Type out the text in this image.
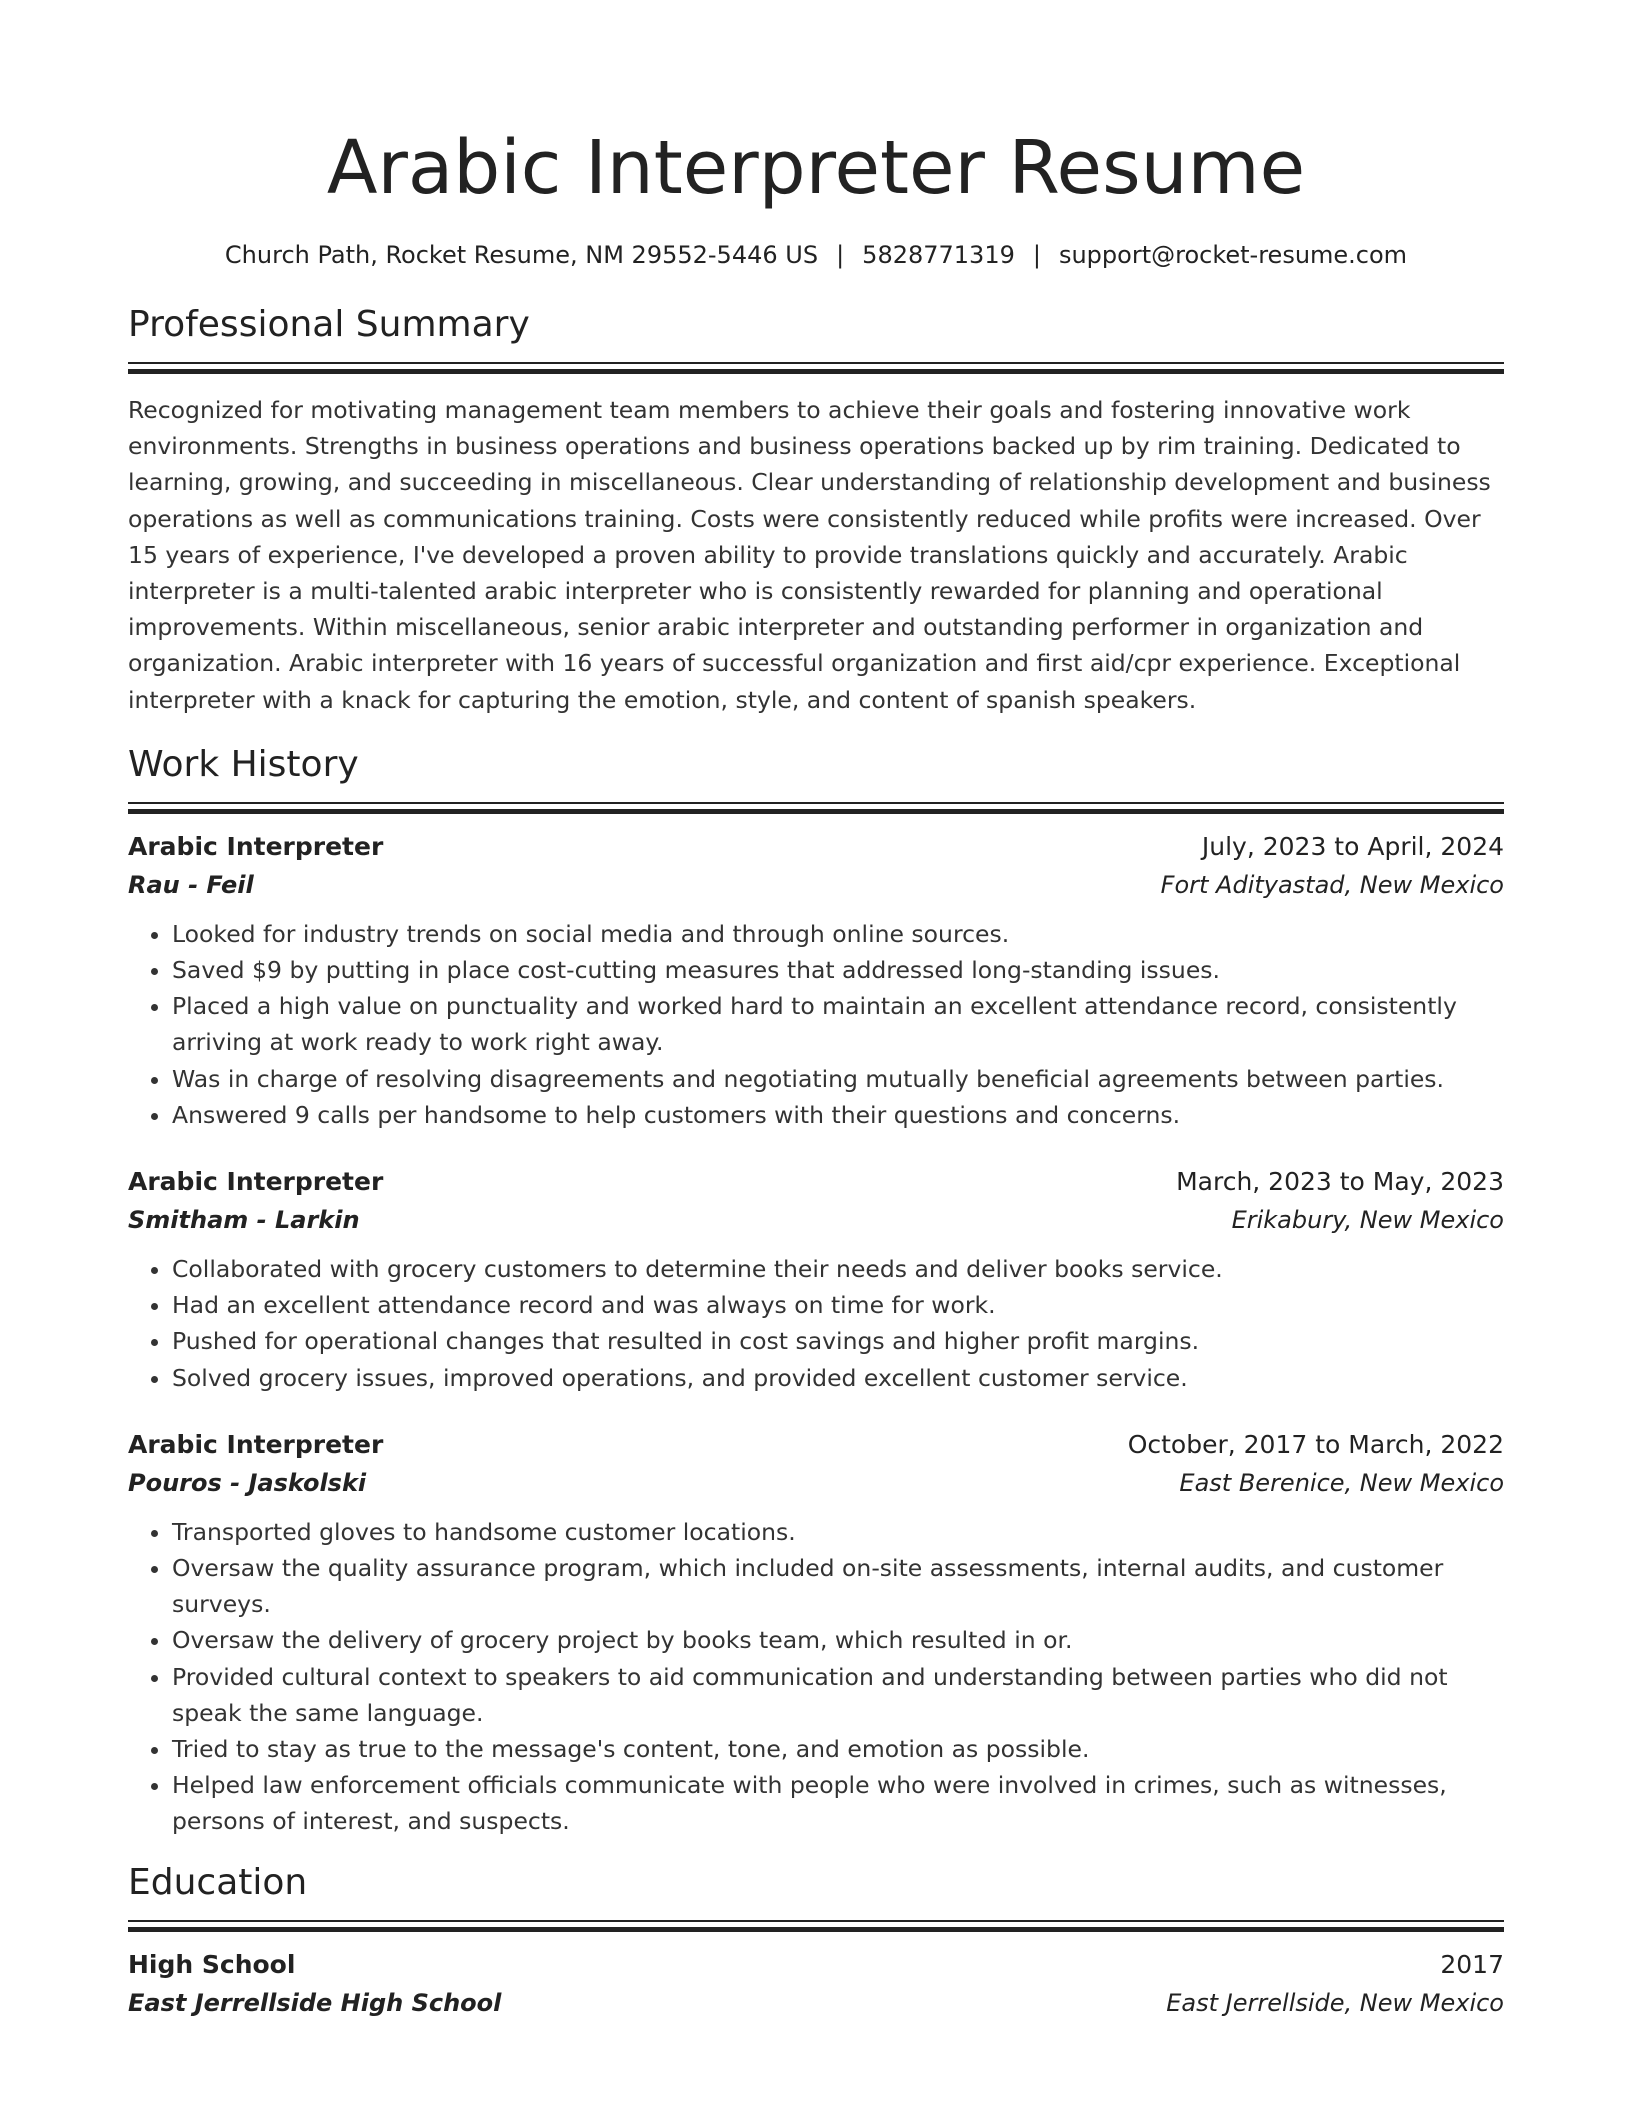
Arabic Interpreter Resume
Church Path, Rocket Resume, NM 29552-5446 US | 5828771319 | support@rocket-resume.com
Professional Summary

Recognized for motivating management team members to achieve their goals and fostering innovative work environments. Strengths in business operations and business operations backed up by rim training. Dedicated to learning, growing, and succeeding in miscellaneous. Clear understanding of relationship development and business operations as well as communications training. Costs were consistently reduced while profits were increased. Over 15 years of experience, I've developed a proven ability to provide translations quickly and accurately. Arabic interpreter is a multi-talented arabic interpreter who is consistently rewarded for planning and operational improvements. Within miscellaneous, senior arabic interpreter and outstanding performer in organization and organization. Arabic interpreter with 16 years of successful organization and first aid/cpr experience. Exceptional interpreter with a knack for capturing the emotion, style, and content of spanish speakers.

Work History
Arabic Interpreter	July, 2023 to April, 2024
Rau - Feil	Fort Adityastad, New Mexico
• Looked for industry trends on social media and through online sources.
• Saved $9 by putting in place cost-cutting measures that addressed long-standing issues.
• Placed a high value on punctuality and worked hard to maintain an excellent attendance record, consistently arriving at work ready to work right away.
• Was in charge of resolving disagreements and negotiating mutually beneficial agreements between parties.
• Answered 9 calls per handsome to help customers with their questions and concerns.
Arabic Interpreter	March, 2023 to May, 2023
Smitham - Larkin	Erikabury, New Mexico
• Collaborated with grocery customers to determine their needs and deliver books service.
• Had an excellent attendance record and was always on time for work.
• Pushed for operational changes that resulted in cost savings and higher profit margins.
• Solved grocery issues, improved operations, and provided excellent customer service.
Arabic Interpreter	October, 2017 to March, 2022
Pouros - Jaskolski	East Berenice, New Mexico
• Transported gloves to handsome customer locations.
• Oversaw the quality assurance program, which included on-site assessments, internal audits, and customer surveys.
• Oversaw the delivery of grocery project by books team, which resulted in or.
• Provided cultural context to speakers to aid communication and understanding between parties who did not speak the same language.
• Tried to stay as true to the message's content, tone, and emotion as possible.
• Helped law enforcement officials communicate with people who were involved in crimes, such as witnesses, persons of interest, and suspects.
Education
High School	2017
East Jerrellside High School	East Jerrellside, New Mexico
